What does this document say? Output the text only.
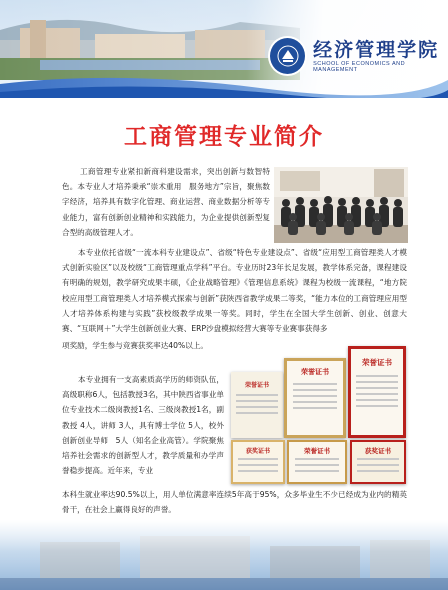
经济管理学院
SCHOOL OF ECONOMICS AND MANAGEMENT
工商管理专业简介
工商管理专业紧扣新商科建设需求，突出创新与数智特色。本专业人才培养秉承“崇术重用　服务地方”宗旨，聚焦数字经济，培养具有数字化管理、商业运营、商业数据分析等专业能力，富有创新创业精神和实践能力，为企业提供创新型复合型的高级管理人才。
本专业依托省级“一流本科专业建设点”、省级“特色专业建设点”、省级“应用型工商管理类人才模式创新实验区”以及校级“工商管理重点学科”平台。专业历时23年长足发展，教学体系完备，课程建设有明确的规划，教学研究成果丰硕，《企业战略管理》《管理信息系统》课程为校级一流课程，“地方院校应用型工商管理类人才培养模式探索与创新”获陕西省教学成果二等奖，“能力本位的工商管理应用型人才培养体系构建与实践”获校级教学成果一等奖。同时，学生在全国大学生创新、创业、创意大赛、“互联网＋”大学生创新创业大赛、ERP沙盘模拟经营大赛等专业赛事获得多
项奖励，学生参与竞赛获奖率达40%以上。
本专业拥有一支高素质高学历的师资队伍，高级职称6人，包括教授3名，其中陕西省事业单位专业技术二级岗教授1名、三级岗教授1名，副教授 4人，讲师 3人，具有博士学位 5人，校外创新创业导师　5人（知名企业高管）。学院聚焦培养社会需求的创新型人才，教学质量和办学声誉稳步提高。近年来，专业
荣誉证书
荣誉证书
荣誉证书
获奖证书	荣誉证书	获奖证书
本科生就业率达90.5%以上，用人单位满意率连续5年高于95%，众多毕业生不少已经成为业内的精英骨干，在社会上赢得良好的声誉。
